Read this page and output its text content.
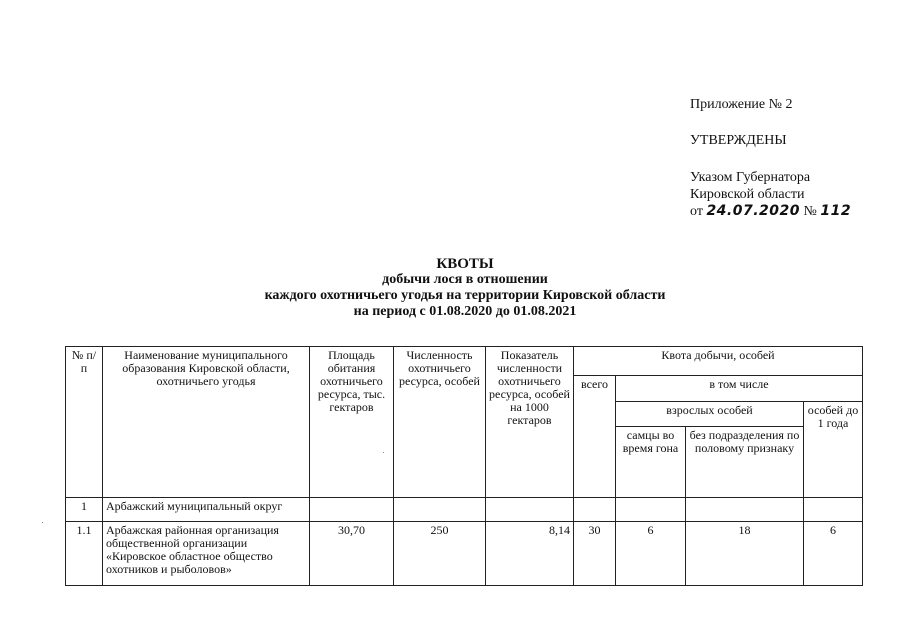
Приложение № 2
УТВЕРЖДЕНЫ
Указом Губернатора
Кировской области
от 24.07.2020 № 112
КВОТЫ
добычи лося в отношении
каждого охотничьего угодья на территории Кировской области
на период с 01.08.2020 до 01.08.2021
№ п/п	Наименование муниципального образования Кировской области, охотничьего угодья	Площадь обитания охотничьего ресурса, тыс. гектаров	Численность охотничьего ресурса, особей	Показатель численности охотничьего ресурса, особей на 1000 гектаров	Квота добычи, особей			
					всего	в том числе		
						взрослых особей		особей до 1 года
						самцы во время гона	без подразделения по половому признаку	
1	Арбажский муниципальный округ							
1.1	Арбажская районная организация общественной организации «Кировское областное общество охотников и рыболовов»	30,70	250	8,14	30	6	18	6
